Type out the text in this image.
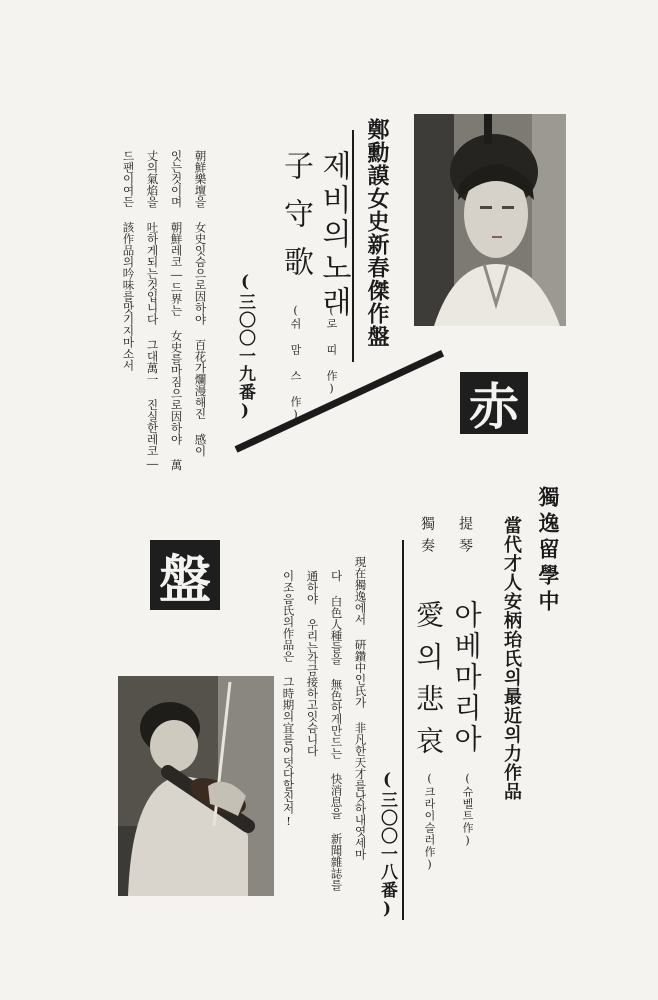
赤
盤	獨逸留學中
當代才人安柄珆氏의最近의力作品
提琴
아베마리아
(슈벨트作)
獨奏
愛의悲哀
(크라이슬러作)
(三〇〇一八番)
現在獨逸에서 硏鑽中인氏가 非凡한天才를낫하내엿세마
다 白色人種들을 無色하게만드는 快消息을 新聞雜誌를
通하야 우리는각금接하고잇슴니다
이조음氏의作品은 그時期의宜를어덧다할진저!
鄭勳謨女史新春傑作盤
제비의노래
(로 띠 作)
子守歌
(쉬 맘 스 作)
(三〇〇一九番)
朝鮮樂壇을 女史잇슴으로因하야 百花가爛漫해진 感이
잇는것이며 朝鮮레코―드界는 女史를마짐으로因하야 萬
丈의氣焰을 吐하게되는것입니다 그대萬一 진실한레코―
드팬이여든 該作品의吟味를맛기지마소서
